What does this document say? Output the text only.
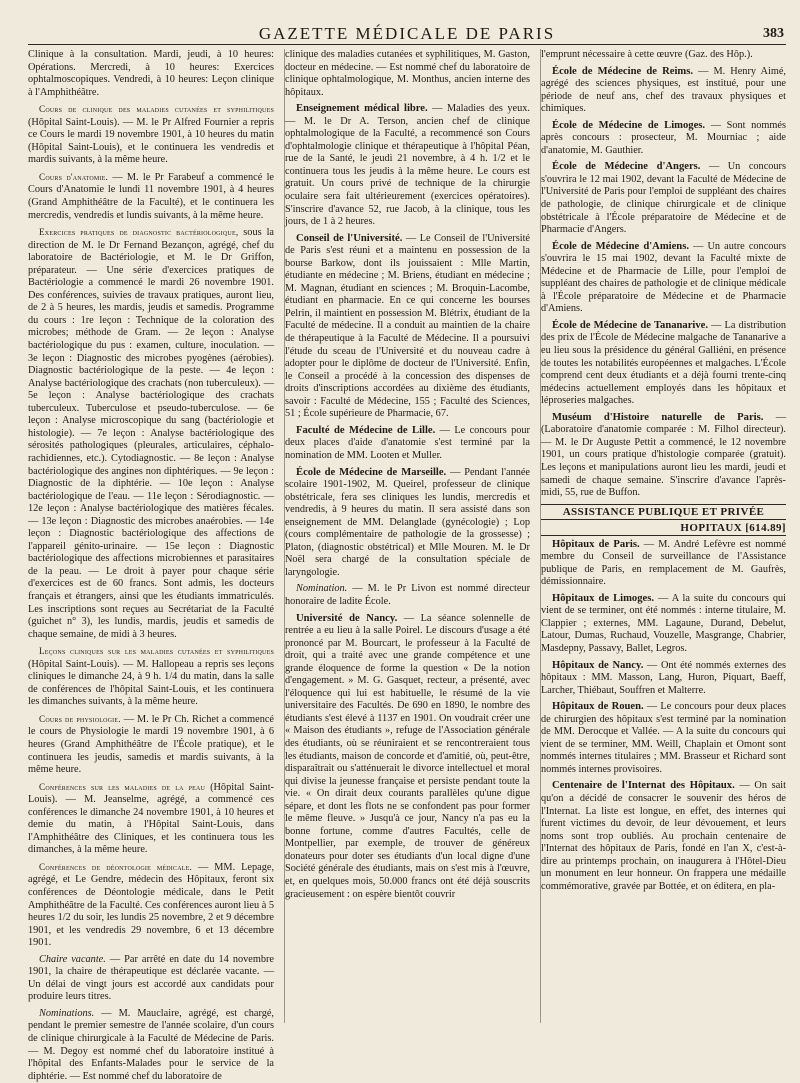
GAZETTE MÉDICALE DE PARIS	383

Clinique à la consultation. Mardi, jeudi, à 10 heures: Opérations. Mercredi, à 10 heures: Exercices ophtalmoscopiques. Vendredi, à 10 heures: Leçon clinique à l'Amphithéâtre.

Cours de clinique des maladies cutanées et syphilitiques (Hôpital Saint-Louis). — M. le Pr Alfred Fournier a repris ce Cours le mardi 19 novembre 1901, à 10 heures du matin (Hôpital Saint-Louis), et le continuera les vendredis et mardis suivants, à la même heure.

Cours d'anatomie. — M. le Pr Farabeuf a commencé le Cours d'Anatomie le lundi 11 novembre 1901, à 4 heures (Grand Amphithéâtre de la Faculté), et le continuera les mercredis, vendredis et lundis suivants, à la même heure.

Exercices pratiques de diagnostic bactériologique, sous la direction de M. le Dr Fernand Bezançon, agrégé, chef du laboratoire de Bactériologie, et M. le Dr Griffon, préparateur. — Une série d'exercices pratiques de Bactériologie a commencé le mardi 26 novembre 1901. Des conférences, suivies de travaux pratiques, auront lieu, de 2 à 5 heures, les mardis, jeudis et samedis. Programme du cours : 1re leçon : Technique de la coloration des microbes; méthode de Gram. — 2e leçon : Analyse bactériologique du pus : examen, culture, inoculation. — 3e leçon : Diagnostic des microbes pyogènes (aérobies). Diagnostic bactériologique de la peste. — 4e leçon : Analyse bactériologique des crachats (non tuberculeux). — 5e leçon : Analyse bactériologique des crachats tuberculeux. Tuberculose et pseudo-tuberculose. — 6e leçon : Analyse microscopique du sang (bactériologie et histologie). — 7e leçon : Analyse bactériologique des sérosités pathologiques (pleurales, articulaires, céphalo-rachidiennes, etc.). Cytodiagnostic. — 8e leçon : Analyse bactériologique des angines non diphtériques. — 9e leçon : Diagnostic de la diphtérie. — 10e leçon : Analyse bactériologique de l'eau. — 11e leçon : Sérodiagnostic. — 12e leçon : Analyse bactériologique des matières fécales. — 13e leçon : Diagnostic des microbes anaérobies. — 14e leçon : Diagnostic bactériologique des affections de l'appareil génito-urinaire. — 15e leçon : Diagnostic bactériologique des affections microbiennes et parasitaires de la peau. — Le droit à payer pour chaque série d'exercices est de 60 francs. Sont admis, les docteurs français et étrangers, ainsi que les étudiants immatriculés. Les inscriptions sont reçues au Secrétariat de la Faculté (guichet n° 3), les lundis, mardis, jeudis et samedis de chaque semaine, de midi à 3 heures.

Leçons cliniques sur les maladies cutanées et syphilitiques (Hôpital Saint-Louis). — M. Hallopeau a repris ses leçons cliniques le dimanche 24, à 9 h. 1/4 du matin, dans la salle de conférences de l'hôpital Saint-Louis, et les continuera les dimanches suivants, à la même heure.

Cours de physiologie. — M. le Pr Ch. Richet a commencé le cours de Physiologie le mardi 19 novembre 1901, à 6 heures (Grand Amphithéâtre de l'École pratique), et le continuera les jeudis, samedis et mardis suivants, à la même heure.

Conférences sur les maladies de la peau (Hôpital Saint-Louis). — M. Jeanselme, agrégé, a commencé ces conférences le dimanche 24 novembre 1901, à 10 heures et demie du matin, à l'Hôpital Saint-Louis, dans l'Amphithéâtre des Cliniques, et les continuera tous les dimanches, à la même heure.

Conférences de déontologie médicale. — MM. Lepage, agrégé, et Le Gendre, médecin des Hôpitaux, feront six conférences de Déontologie médicale, dans le Petit Amphithéâtre de la Faculté. Ces conférences auront lieu à 5 heures 1/2 du soir, les lundis 25 novembre, 2 et 9 décembre 1901, et les vendredis 29 novembre, 6 et 13 décembre 1901.

Chaire vacante. — Par arrêté en date du 14 novembre 1901, la chaire de thérapeutique est déclarée vacante. — Un délai de vingt jours est accordé aux candidats pour produire leurs titres.

Nominations. — M. Mauclaire, agrégé, est chargé, pendant le premier semestre de l'année scolaire, d'un cours de clinique chirurgicale à la Faculté de Médecine de Paris. — M. Degoy est nommé chef du laboratoire institué à l'hôpital des Enfants-Malades pour le service de la diphtérie. — Est nommé chef du laboratoire de

clinique des maladies cutanées et syphilitiques, M. Gaston, docteur en médecine. — Est nommé chef du laboratoire de clinique ophtalmologique, M. Monthus, ancien interne des hôpitaux.

Enseignement médical libre. — Maladies des yeux. — M. le Dr A. Terson, ancien chef de clinique ophtalmologique de la Faculté, a recommencé son Cours d'ophtalmologie clinique et thérapeutique à l'hôpital Péan, rue de la Santé, le jeudi 21 novembre, à 4 h. 1/2 et le continuera tous les jeudis à la même heure. Le cours est gratuit. Un cours privé de technique de la chirurgie oculaire sera fait ultérieurement (exercices opératoires). S'inscrire d'avance 52, rue Jacob, à la clinique, tous les jours, de 1 à 2 heures.

Conseil de l'Université. — Le Conseil de l'Université de Paris s'est réuni et a maintenu en possession de la bourse Barkow, dont ils jouissaient : Mlle Martin, étudiante en médecine ; M. Briens, étudiant en médecine ; M. Magnan, étudiant en sciences ; M. Broquin-Lacombe, étudiant en pharmacie. En ce qui concerne les bourses Pelrin, il maintient en possession M. Blétrix, étudiant de la Faculté de médecine. Il a conduit au maintien de la chaire de thérapeutique à la Faculté de Médecine. Il a poursuivi l'étude du sceau de l'Université et du nouveau cadre à adopter pour le diplôme de docteur de l'Université. Enfin, le Conseil a procédé à la concession des dispenses de droits d'inscriptions accordées au dixième des étudiants, savoir : Faculté de Médecine, 155 ; Faculté des Sciences, 51 ; École supérieure de Pharmacie, 67.

Faculté de Médecine de Lille. — Le concours pour deux places d'aide d'anatomie s'est terminé par la nomination de MM. Looten et Muller.

École de Médecine de Marseille. — Pendant l'année scolaire 1901-1902, M. Queirel, professeur de clinique obstétricale, fera ses cliniques les lundis, mercredis et vendredis, à 9 heures du matin. Il sera assisté dans son enseignement de MM. Delanglade (gynécologie) ; Lop (cours complémentaire de pathologie de la grossesse) ; Platon, (diagnostic obstétrical) et Mlle Mouren. M. le Dr Noël sera chargé de la consultation spéciale de laryngologie.

Nomination. — M. le Pr Livon est nommé directeur honoraire de ladite École.

Université de Nancy. — La séance solennelle de rentrée a eu lieu à la salle Poirel. Le discours d'usage a été prononcé par M. Bourcart, le professeur à la Faculté de droit, qui a traité avec une grande compétence et une grande éloquence de forme la question « De la notion d'engagement. » M. G. Gasquet, recteur, a présenté, avec l'éloquence qui lui est habituelle, le résumé de la vie universitaire des Facultés. De 690 en 1890, le nombre des étudiants s'est élevé à 1137 en 1901. On voudrait créer une « Maison des étudiants », refuge de l'Association générale des étudiants, où se réuniraient et se rencontreraient tous les étudiants, maison de concorde et d'amitié, où, peut-être, disparaîtrait ou s'atténuerait le divorce intellectuel et moral qui divise la jeunesse française et persiste pendant toute la vie. « On dirait deux courants parallèles qu'une digue sépare, et dont les flots ne se confondent pas pour former le même fleuve. » Jusqu'à ce jour, Nancy n'a pas eu la bonne fortune, comme d'autres Facultés, celle de Montpellier, par exemple, de trouver de généreux donateurs pour doter ses étudiants d'un local digne d'une Société générale des étudiants, mais on s'est mis à l'œuvre, et, en quelques mois, 50.000 francs ont été déjà souscrits gracieusement : on espère bientôt couvrir

l'emprunt nécessaire à cette œuvre (Gaz. des Hôp.).

École de Médecine de Reims. — M. Henry Aimé, agrégé des sciences physiques, est institué, pour une période de neuf ans, chef des travaux physiques et chimiques.

École de Médecine de Limoges. — Sont nommés après concours : prosecteur, M. Mourniac ; aide d'anatomie, M. Gauthier.

École de Médecine d'Angers. — Un concours s'ouvrira le 12 mai 1902, devant la Faculté de Médecine de l'Université de Paris pour l'emploi de suppléant des chaires de pathologie, de clinique chirurgicale et de clinique obstétricale à l'École préparatoire de Médecine et de Pharmacie d'Angers.

École de Médecine d'Amiens. — Un autre concours s'ouvrira le 15 mai 1902, devant la Faculté mixte de Médecine et de Pharmacie de Lille, pour l'emploi de suppléant des chaires de pathologie et de clinique médicale à l'École préparatoire de Médecine et de Pharmacie d'Amiens.

École de Médecine de Tananarive. — La distribution des prix de l'École de Médecine malgache de Tananarive a eu lieu sous la présidence du général Galliéni, en présence de toutes les notabilités européennes et malgaches. L'École comprend cent deux étudiants et a déjà fourni trente-cinq médecins actuellement employés dans les hôpitaux et léproseries malgaches.

Muséum d'Histoire naturelle de Paris. — (Laboratoire d'anatomie comparée : M. Filhol directeur). — M. le Dr Auguste Pettit a commencé, le 12 novembre 1901, un cours pratique d'histologie comparée (gratuit). Les leçons et manipulations auront lieu les mardi, jeudi et samedi de chaque semaine. S'inscrire d'avance l'après-midi, 55, rue de Buffon.

ASSISTANCE PUBLIQUE ET PRIVÉE
HOPITAUX [614.89]

Hôpitaux de Paris. — M. André Lefèvre est nommé membre du Conseil de surveillance de l'Assistance publique de Paris, en remplacement de M. Gaufrès, démissionnaire.

Hôpitaux de Limoges. — A la suite du concours qui vient de se terminer, ont été nommés : interne titulaire, M. Clappier ; externes, MM. Lagaune, Durand, Debelut, Latour, Dumas, Ruchaud, Vouzelle, Masgrange, Chabrier, Masdepny, Passavy, Ballet, Legros.

Hôpitaux de Nancy. — Ont été nommés externes des hôpitaux : MM. Masson, Lang, Huron, Piquart, Baeff, Larcher, Thiébaut, Souffren et Malterre.

Hôpitaux de Rouen. — Le concours pour deux places de chirurgien des hôpitaux s'est terminé par la nomination de MM. Derocque et Vallée. — A la suite du concours qui vient de se terminer, MM. Weill, Chaplain et Omont sont nommés internes titulaires ; MM. Brasseur et Richard sont nommés internes provisoires.

Centenaire de l'Internat des Hôpitaux. — On sait qu'on a décidé de consacrer le souvenir des héros de l'Internat. La liste est longue, en effet, des internes qui furent victimes du devoir, de leur dévouement, et leurs noms sont trop oubliés. Au prochain centenaire de l'Internat des hôpitaux de Paris, fondé en l'an X, c'est-à-dire au printemps prochain, on inaugurera à l'Hôtel-Dieu un monument en leur honneur. On frappera une médaille commémorative, gravée par Bottée, et on éditera, en pla-
